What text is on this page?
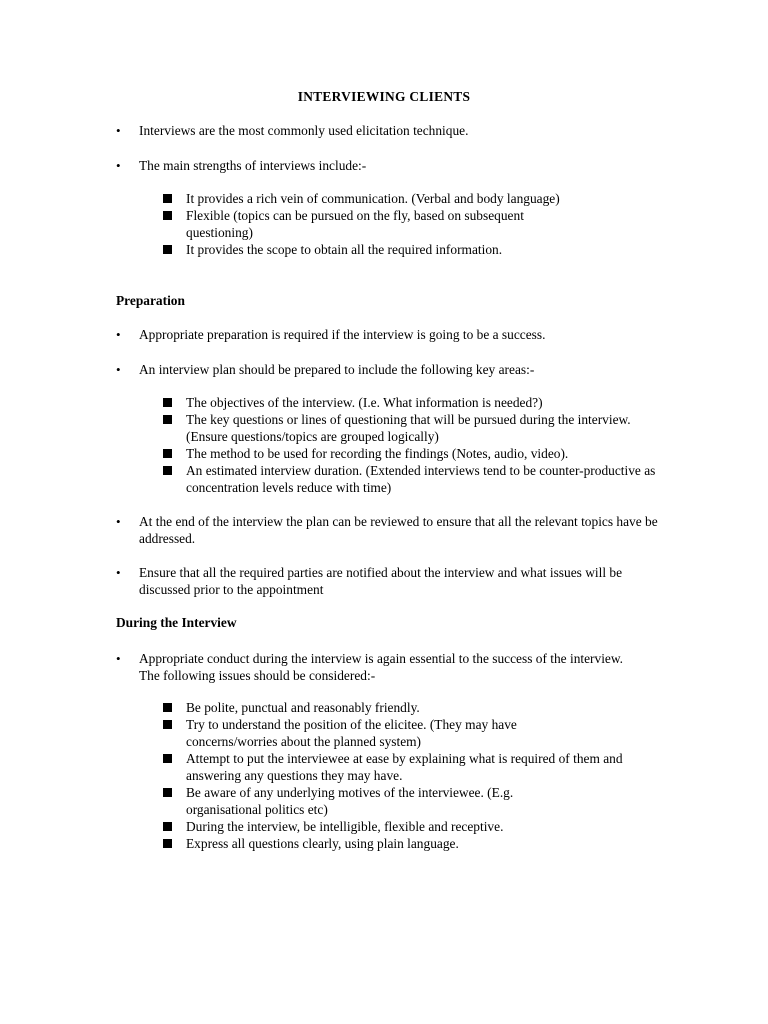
INTERVIEWING CLIENTS
•	Interviews are the most commonly used elicitation technique.
•	The main strengths of interviews include:-
It provides a rich vein of communication. (Verbal and body language)
Flexible (topics can be pursued on the fly, based on subsequent questioning)
It provides the scope to obtain all the required information.
Preparation
•	Appropriate preparation is required if the interview is going to be a success.
•	An interview plan should be prepared to include the following key areas:-
The objectives of the interview. (I.e. What information is needed?)
The key questions or lines of questioning that will be pursued during the interview.(Ensure questions/topics are grouped logically)
The method to be used for recording the findings (Notes, audio, video).
An estimated interview duration. (Extended interviews tend to be counter-productive as concentration levels reduce with time)
•	At the end of the interview the plan can be reviewed to ensure that all the relevant topics have be addressed.
•	Ensure that all the required parties are notified about the interview and what issues will be discussed prior to the appointment
During the Interview
•	Appropriate conduct during the interview is again essential to the success of the interview. The following issues should be considered:-
Be polite, punctual and reasonably friendly.
Try to understand the position of the elicitee. (They may have concerns/worries about the planned system)
Attempt to put the interviewee at ease by explaining what is required of them and answering any questions they may have.
Be aware of any underlying motives of the interviewee. (E.g. organisational politics etc)
During the interview, be intelligible, flexible and receptive.
Express all questions clearly, using plain language.
